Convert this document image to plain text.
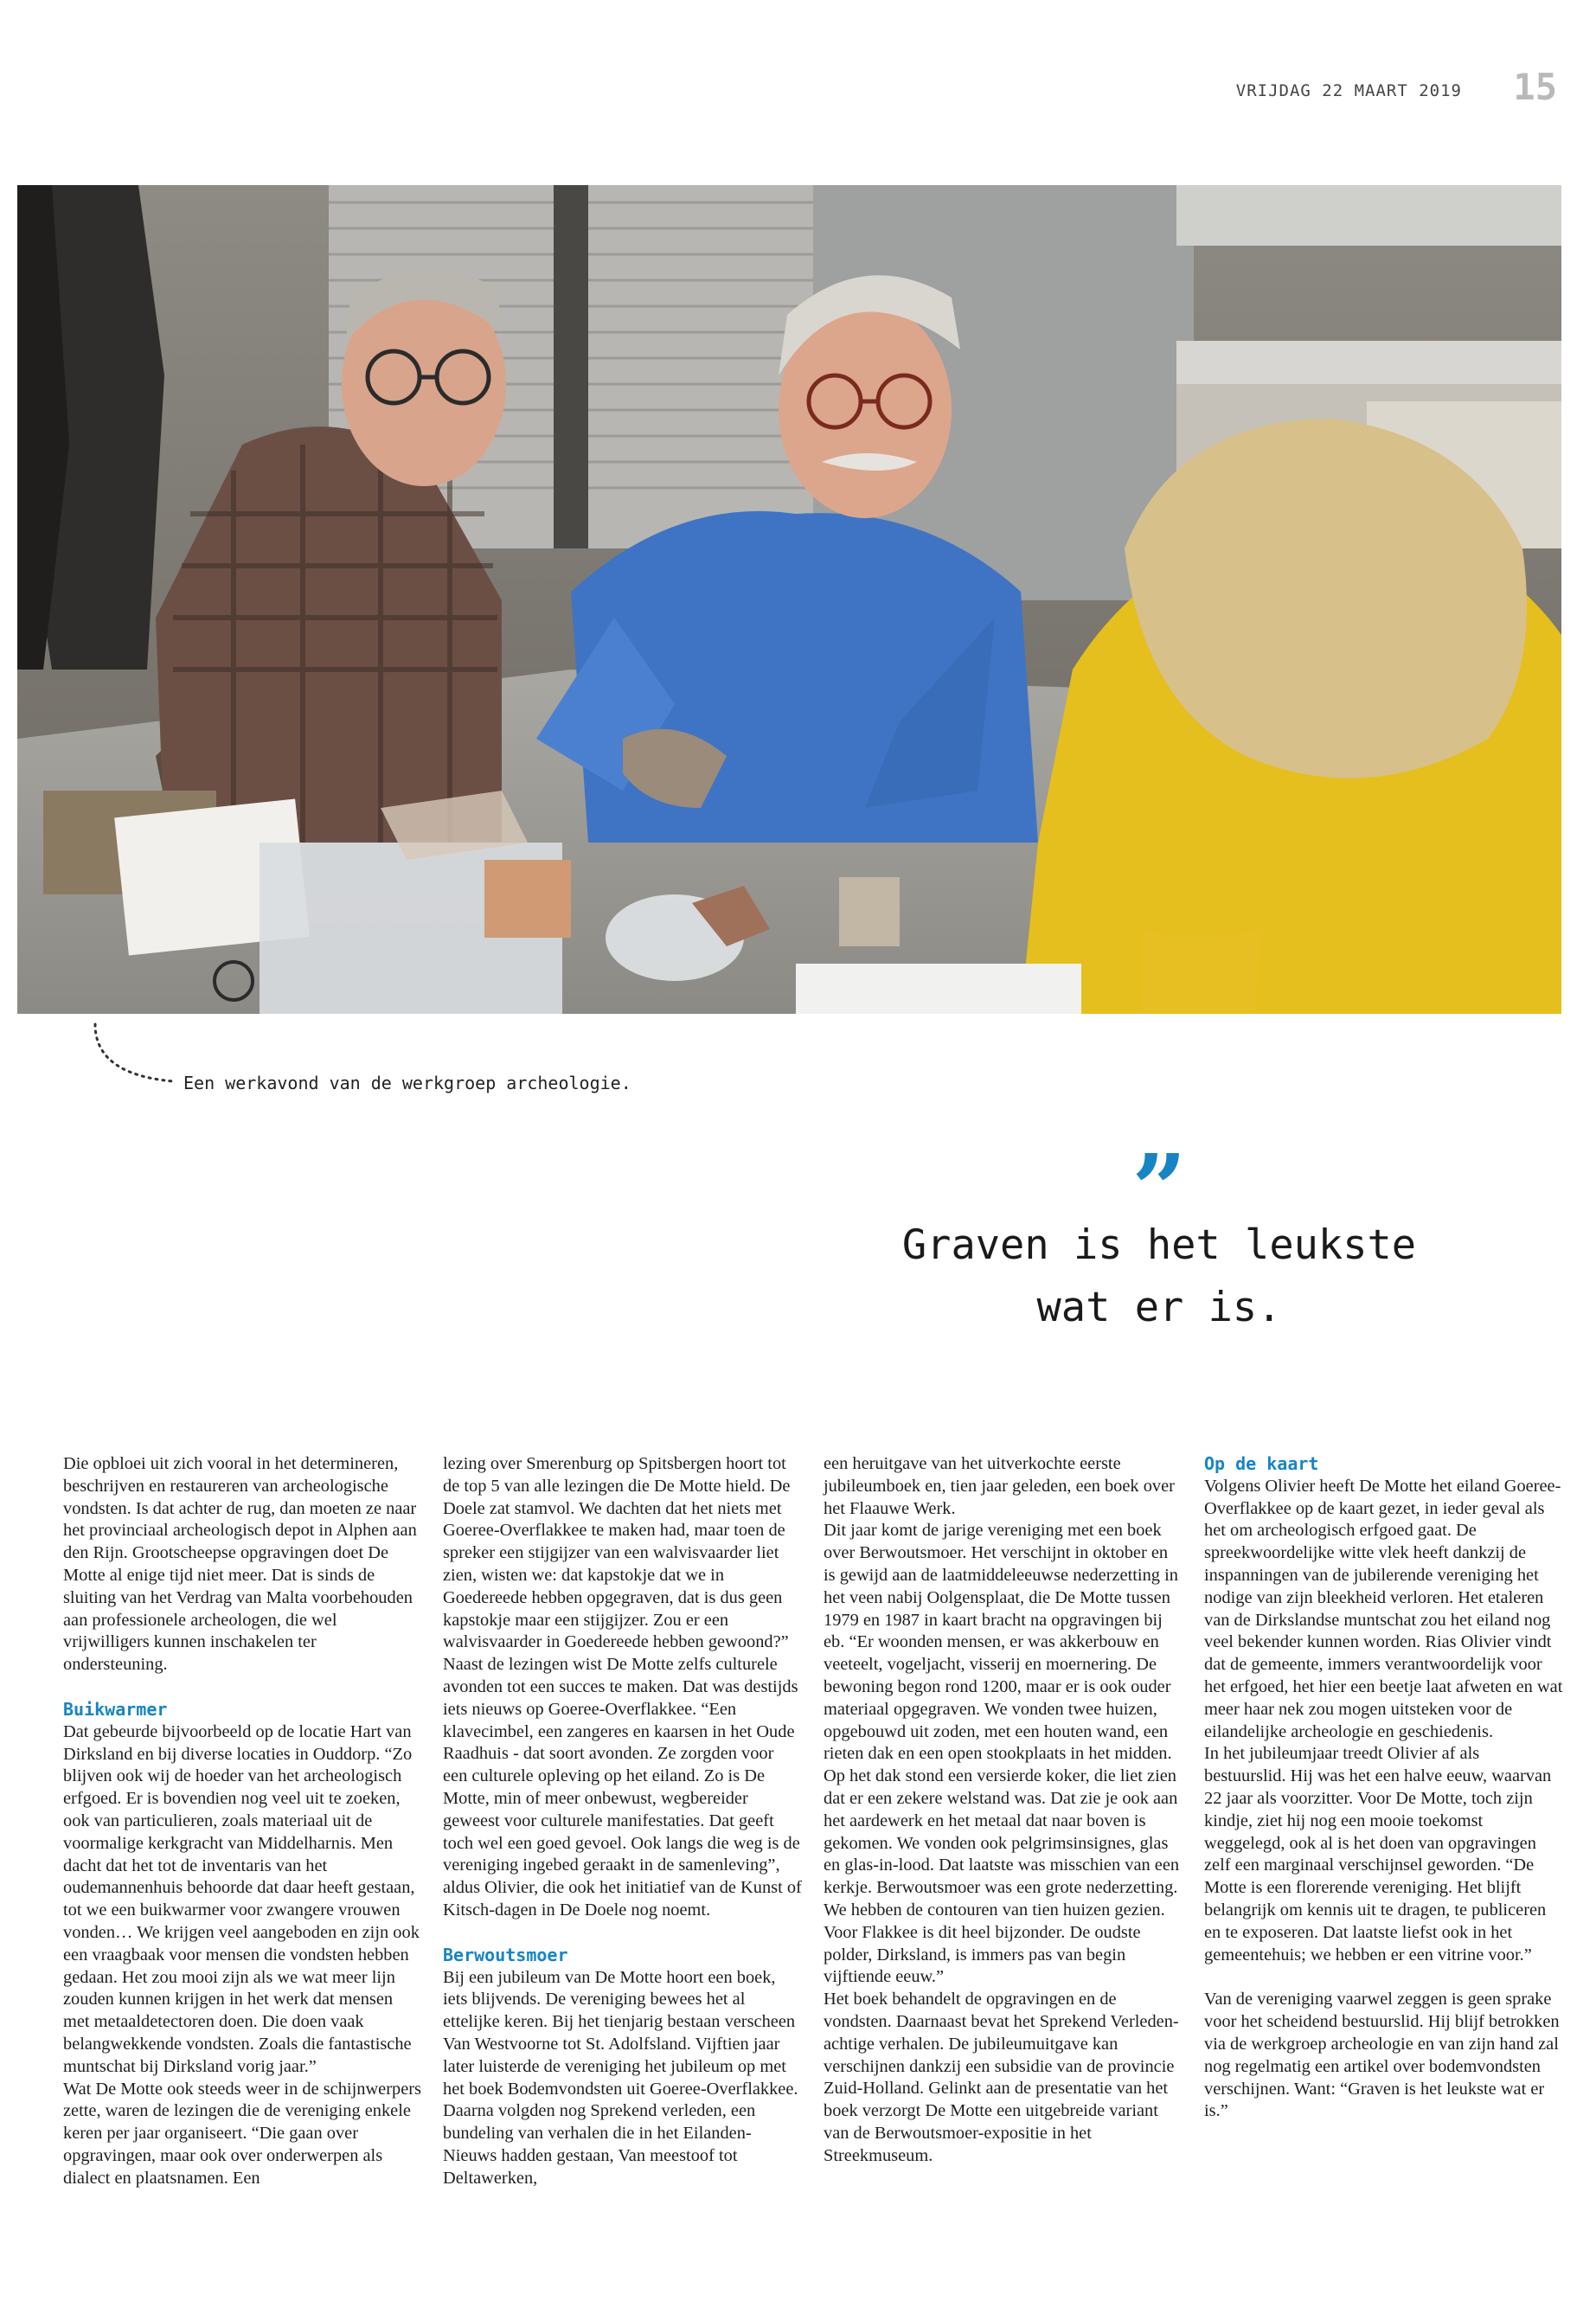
VRIJDAG 22 MAART 2019	15
Een werkavond van de werkgroep archeologie.
”
Graven is het leukste wat er is.

Die opbloei uit zich vooral in het determineren, beschrijven en restaureren van archeologische vondsten. Is dat achter de rug, dan moeten ze naar het provinciaal archeologisch depot in Alphen aan den Rijn. Grootscheepse opgravingen doet De Motte al enige tijd niet meer. Dat is sinds de sluiting van het Verdrag van Malta voorbehouden aan professionele archeologen, die wel vrijwilligers kunnen inschakelen ter ondersteuning.

Buikwarmer

Dat gebeurde bijvoorbeeld op de locatie Hart van Dirksland en bij diverse locaties in Ouddorp. “Zo blijven ook wij de hoeder van het archeologisch erfgoed. Er is bovendien nog veel uit te zoeken, ook van particulieren, zoals materiaal uit de voormalige kerkgracht van Middelharnis. Men dacht dat het tot de inventaris van het oudemannenhuis behoorde dat daar heeft gestaan, tot we een buikwarmer voor zwangere vrouwen vonden… We krijgen veel aangeboden en zijn ook een vraagbaak voor mensen die vondsten hebben gedaan. Het zou mooi zijn als we wat meer lijn zouden kunnen krijgen in het werk dat mensen met metaaldetectoren doen. Die doen vaak belangwekkende vondsten. Zoals die fantastische muntschat bij Dirksland vorig jaar.”

Wat De Motte ook steeds weer in de schijnwerpers zette, waren de lezingen die de vereniging enkele keren per jaar organiseert. “Die gaan over opgravingen, maar ook over onderwerpen als dialect en plaatsnamen. Een

lezing over Smerenburg op Spitsbergen hoort tot de top 5 van alle lezingen die De Motte hield. De Doele zat stamvol. We dachten dat het niets met Goeree-Overflakkee te maken had, maar toen de spreker een stijgijzer van een walvisvaarder liet zien, wisten we: dat kapstokje dat we in Goedereede hebben opgegraven, dat is dus geen kapstokje maar een stijgijzer. Zou er een walvisvaarder in Goedereede hebben gewoond?”

Naast de lezingen wist De Motte zelfs culturele avonden tot een succes te maken. Dat was destijds iets nieuws op Goeree-Overflakkee. “Een klavecimbel, een zangeres en kaarsen in het Oude Raadhuis - dat soort avonden. Ze zorgden voor een culturele opleving op het eiland. Zo is De Motte, min of meer onbewust, wegbereider geweest voor culturele manifestaties. Dat geeft toch wel een goed gevoel. Ook langs die weg is de vereniging ingebed geraakt in de samenleving”, aldus Olivier, die ook het initiatief van de Kunst of Kitsch-dagen in De Doele nog noemt.

Berwoutsmoer

Bij een jubileum van De Motte hoort een boek, iets blijvends. De vereniging bewees het al ettelijke keren. Bij het tienjarig bestaan verscheen Van Westvoorne tot St. Adolfsland. Vijftien jaar later luisterde de vereniging het jubileum op met het boek Bodemvondsten uit Goeree-Overflakkee. Daarna volgden nog Sprekend verleden, een bundeling van verhalen die in het Eilanden-Nieuws hadden gestaan, Van meestoof tot Deltawerken,

een heruitgave van het uitverkochte eerste jubileumboek en, tien jaar geleden, een boek over het Flaauwe Werk.

Dit jaar komt de jarige vereniging met een boek over Berwoutsmoer. Het verschijnt in oktober en is gewijd aan de laatmiddeleeuwse nederzetting in het veen nabij Oolgensplaat, die De Motte tussen 1979 en 1987 in kaart bracht na opgravingen bij eb. “Er woonden mensen, er was akkerbouw en veeteelt, vogeljacht, visserij en moernering. De bewoning begon rond 1200, maar er is ook ouder materiaal opgegraven. We vonden twee huizen, opgebouwd uit zoden, met een houten wand, een rieten dak en een open stookplaats in het midden. Op het dak stond een versierde koker, die liet zien dat er een zekere welstand was. Dat zie je ook aan het aardewerk en het metaal dat naar boven is gekomen. We vonden ook pelgrimsinsignes, glas en glas-in-lood. Dat laatste was misschien van een kerkje. Berwoutsmoer was een grote nederzetting. We hebben de contouren van tien huizen gezien. Voor Flakkee is dit heel bijzonder. De oudste polder, Dirksland, is immers pas van begin vijftiende eeuw.”

Het boek behandelt de opgravingen en de vondsten. Daarnaast bevat het Sprekend Verleden-achtige verhalen. De jubileumuitgave kan verschijnen dankzij een subsidie van de provincie Zuid-Holland. Gelinkt aan de presentatie van het boek verzorgt De Motte een uitgebreide variant van de Berwoutsmoer-expositie in het Streekmuseum.

Op de kaart

Volgens Olivier heeft De Motte het eiland Goeree-Overflakkee op de kaart gezet, in ieder geval als het om archeologisch erfgoed gaat. De spreekwoordelijke witte vlek heeft dankzij de inspanningen van de jubilerende vereniging het nodige van zijn bleekheid verloren. Het etaleren van de Dirkslandse muntschat zou het eiland nog veel bekender kunnen worden. Rias Olivier vindt dat de gemeente, immers verantwoordelijk voor het erfgoed, het hier een beetje laat afweten en wat meer haar nek zou mogen uitsteken voor de eilandelijke archeologie en geschiedenis.

In het jubileumjaar treedt Olivier af als bestuurslid. Hij was het een halve eeuw, waarvan 22 jaar als voorzitter. Voor De Motte, toch zijn kindje, ziet hij nog een mooie toekomst weggelegd, ook al is het doen van opgravingen zelf een marginaal verschijnsel geworden. “De Motte is een florerende vereniging. Het blijft belangrijk om kennis uit te dragen, te publiceren en te exposeren. Dat laatste liefst ook in het gemeentehuis; we hebben er een vitrine voor.”

Van de vereniging vaarwel zeggen is geen sprake voor het scheidend bestuurslid. Hij blijf betrokken via de werkgroep archeologie en van zijn hand zal nog regelmatig een artikel over bodemvondsten verschijnen. Want: “Graven is het leukste wat er is.”
